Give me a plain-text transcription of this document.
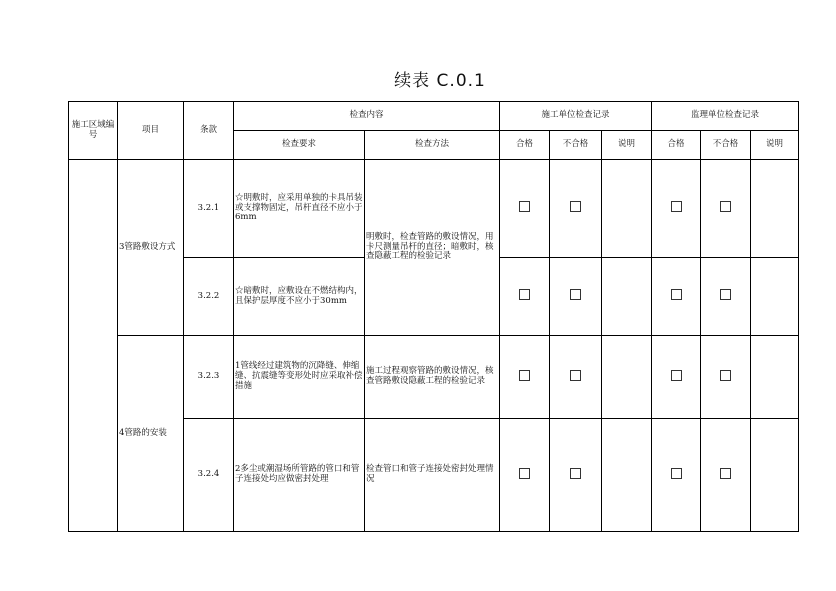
续表 C.0.1
施工区域编号	项目	条款	检查内容		施工单位检查记录			监理单位检查记录		
			检查要求	检查方法	合格	不合格	说明	合格	不合格	说明
	3管路敷设方式	3.2.1	☆明敷时，应采用单独的卡具吊装或支撑物固定，吊杆直径不应小于6mm	明敷时，检查管路的敷设情况，用卡尺测量吊杆的直径；暗敷时，核查隐蔽工程的检验记录						
		3.2.2	☆暗敷时，应敷设在不燃结构内，且保护层厚度不应小于30mm							
	4管路的安装	3.2.3	1管线经过建筑物的沉降缝、伸缩缝、抗震缝等变形处时应采取补偿措施	施工过程观察管路的敷设情况，核查管路敷设隐蔽工程的检验记录						
		3.2.4	2多尘或潮湿场所管路的管口和管子连接处均应做密封处理	检查管口和管子连接处密封处理情况						
